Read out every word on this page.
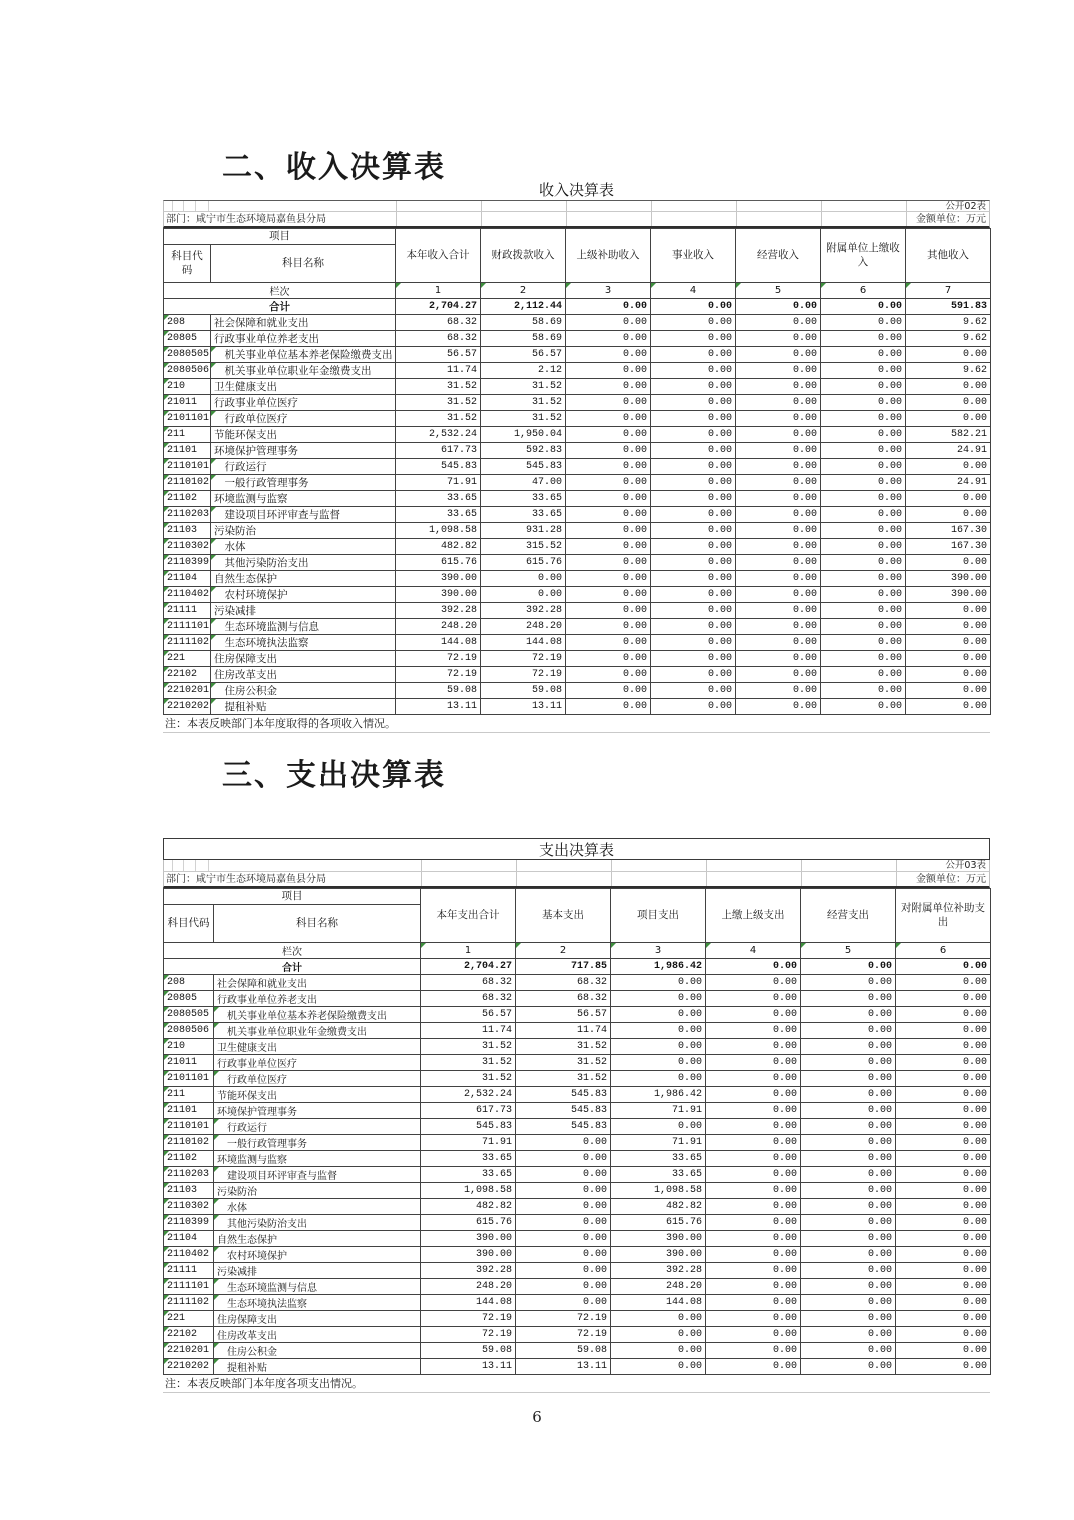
二、收入决算表
收入决算表
公开02表
部门：咸宁市生态环境局嘉鱼县分局	金额单位：万元
项目		本年收入合计	财政拨款收入	上级补助收入	事业收入	经营收入	附属单位上缴收入	其他收入
科目代码	科目名称							
栏次		1	2	3	4	5	6	7
合计		2,704.27	2,112.44	0.00	0.00	0.00	0.00	591.83
208	社会保障和就业支出	68.32	58.69	0.00	0.00	0.00	0.00	9.62
20805	行政事业单位养老支出	68.32	58.69	0.00	0.00	0.00	0.00	9.62
2080505	　机关事业单位基本养老保险缴费支出	56.57	56.57	0.00	0.00	0.00	0.00	0.00
2080506	　机关事业单位职业年金缴费支出	11.74	2.12	0.00	0.00	0.00	0.00	9.62
210	卫生健康支出	31.52	31.52	0.00	0.00	0.00	0.00	0.00
21011	行政事业单位医疗	31.52	31.52	0.00	0.00	0.00	0.00	0.00
2101101	　行政单位医疗	31.52	31.52	0.00	0.00	0.00	0.00	0.00
211	节能环保支出	2,532.24	1,950.04	0.00	0.00	0.00	0.00	582.21
21101	环境保护管理事务	617.73	592.83	0.00	0.00	0.00	0.00	24.91
2110101	　行政运行	545.83	545.83	0.00	0.00	0.00	0.00	0.00
2110102	　一般行政管理事务	71.91	47.00	0.00	0.00	0.00	0.00	24.91
21102	环境监测与监察	33.65	33.65	0.00	0.00	0.00	0.00	0.00
2110203	　建设项目环评审查与监督	33.65	33.65	0.00	0.00	0.00	0.00	0.00
21103	污染防治	1,098.58	931.28	0.00	0.00	0.00	0.00	167.30
2110302	　水体	482.82	315.52	0.00	0.00	0.00	0.00	167.30
2110399	　其他污染防治支出	615.76	615.76	0.00	0.00	0.00	0.00	0.00
21104	自然生态保护	390.00	0.00	0.00	0.00	0.00	0.00	390.00
2110402	　农村环境保护	390.00	0.00	0.00	0.00	0.00	0.00	390.00
21111	污染减排	392.28	392.28	0.00	0.00	0.00	0.00	0.00
2111101	　生态环境监测与信息	248.20	248.20	0.00	0.00	0.00	0.00	0.00
2111102	　生态环境执法监察	144.08	144.08	0.00	0.00	0.00	0.00	0.00
221	住房保障支出	72.19	72.19	0.00	0.00	0.00	0.00	0.00
22102	住房改革支出	72.19	72.19	0.00	0.00	0.00	0.00	0.00
2210201	　住房公积金	59.08	59.08	0.00	0.00	0.00	0.00	0.00
2210202	　提租补贴	13.11	13.11	0.00	0.00	0.00	0.00	0.00
注：本表反映部门本年度取得的各项收入情况。
三、支出决算表
支出决算表
公开03表
部门：咸宁市生态环境局嘉鱼县分局	金额单位：万元
项目		本年支出合计	基本支出	项目支出	上缴上级支出	经营支出	对附属单位补助支出
科目代码	科目名称						
栏次		1	2	3	4	5	6
合计		2,704.27	717.85	1,986.42	0.00	0.00	0.00
208	社会保障和就业支出	68.32	68.32	0.00	0.00	0.00	0.00
20805	行政事业单位养老支出	68.32	68.32	0.00	0.00	0.00	0.00
2080505	　机关事业单位基本养老保险缴费支出	56.57	56.57	0.00	0.00	0.00	0.00
2080506	　机关事业单位职业年金缴费支出	11.74	11.74	0.00	0.00	0.00	0.00
210	卫生健康支出	31.52	31.52	0.00	0.00	0.00	0.00
21011	行政事业单位医疗	31.52	31.52	0.00	0.00	0.00	0.00
2101101	　行政单位医疗	31.52	31.52	0.00	0.00	0.00	0.00
211	节能环保支出	2,532.24	545.83	1,986.42	0.00	0.00	0.00
21101	环境保护管理事务	617.73	545.83	71.91	0.00	0.00	0.00
2110101	　行政运行	545.83	545.83	0.00	0.00	0.00	0.00
2110102	　一般行政管理事务	71.91	0.00	71.91	0.00	0.00	0.00
21102	环境监测与监察	33.65	0.00	33.65	0.00	0.00	0.00
2110203	　建设项目环评审查与监督	33.65	0.00	33.65	0.00	0.00	0.00
21103	污染防治	1,098.58	0.00	1,098.58	0.00	0.00	0.00
2110302	　水体	482.82	0.00	482.82	0.00	0.00	0.00
2110399	　其他污染防治支出	615.76	0.00	615.76	0.00	0.00	0.00
21104	自然生态保护	390.00	0.00	390.00	0.00	0.00	0.00
2110402	　农村环境保护	390.00	0.00	390.00	0.00	0.00	0.00
21111	污染减排	392.28	0.00	392.28	0.00	0.00	0.00
2111101	　生态环境监测与信息	248.20	0.00	248.20	0.00	0.00	0.00
2111102	　生态环境执法监察	144.08	0.00	144.08	0.00	0.00	0.00
221	住房保障支出	72.19	72.19	0.00	0.00	0.00	0.00
22102	住房改革支出	72.19	72.19	0.00	0.00	0.00	0.00
2210201	　住房公积金	59.08	59.08	0.00	0.00	0.00	0.00
2210202	　提租补贴	13.11	13.11	0.00	0.00	0.00	0.00
注：本表反映部门本年度各项支出情况。
6
